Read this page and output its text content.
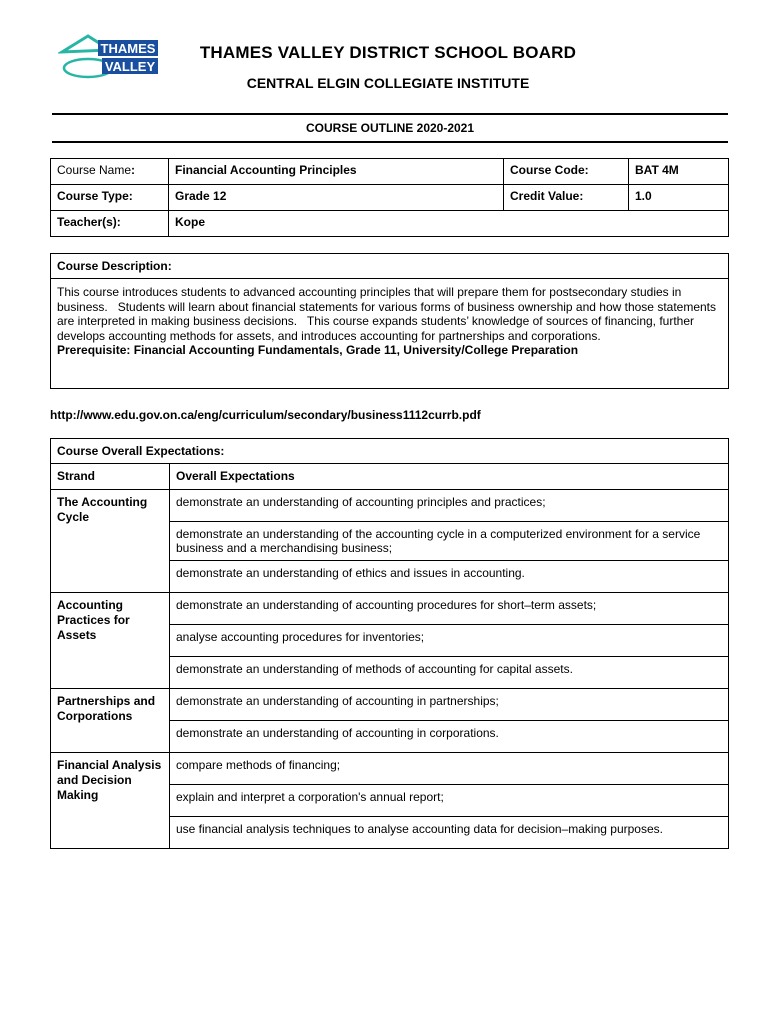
THAMES
VALLEY
THAMES VALLEY DISTRICT SCHOOL BOARD
CENTRAL ELGIN COLLEGIATE INSTITUTE
COURSE OUTLINE 2020-2021
Course Name:	Financial Accounting Principles	Course Code:	BAT 4M
Course Type:	Grade 12	Credit Value:	1.0
Teacher(s):	Kope		
Course Description:

This course introduces students to advanced accounting principles that will prepare them for postsecondary studies in business.   Students will learn about financial statements for various forms of business ownership and how those statements are interpreted in making business decisions.   This course expands students’ knowledge of sources of financing, further develops accounting methods for assets, and introduces accounting for partnerships and corporations.
Prerequisite: Financial Accounting Fundamentals, Grade 11, University/College Preparation
http://www.edu.gov.on.ca/eng/curriculum/secondary/business1112currb.pdf
Course Overall Expectations:	
Strand	Overall Expectations
The Accounting Cycle	demonstrate an understanding of accounting principles and practices;
	demonstrate an understanding of the accounting cycle in a computerized environment for a service business and a merchandising business;
	demonstrate an understanding of ethics and issues in accounting.
Accounting Practices for Assets	demonstrate an understanding of accounting procedures for short–term assets;
	analyse accounting procedures for inventories;
	demonstrate an understanding of methods of accounting for capital assets.
Partnerships and Corporations	demonstrate an understanding of accounting in partnerships;
	demonstrate an understanding of accounting in corporations.
Financial Analysis and Decision Making	compare methods of financing;
	explain and interpret a corporation's annual report;
	use financial analysis techniques to analyse accounting data for decision–making purposes.
